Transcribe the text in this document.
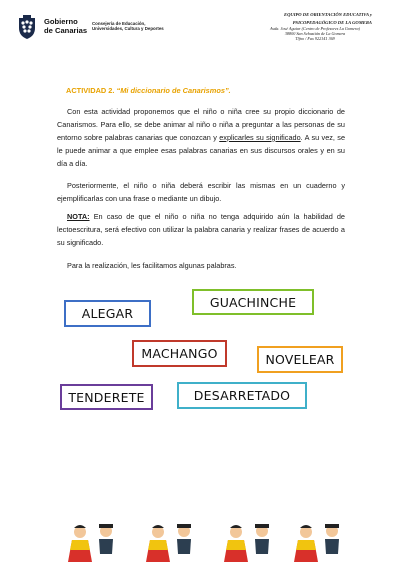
Gobierno
de Canarias
Consejería de Educación,
Universidades, Cultura y Deportes
EQUIPO DE ORIENTACIÓN EDUCATIVA y
PSICOPEDAGÓGICO DE LA GOMERA
Avda. José Aguiar (Centro de Profesores La Gomera)
38800 San Sebastián de La Gomera
Tlfno / Fax 922141 369
ACTIVIDAD 2. “Mi diccionario de Canarismos”.

Con esta actividad proponemos que el niño o niña cree su propio diccionario de Canarismos. Para ello, se debe animar al niño o niña a preguntar a las personas de su entorno sobre palabras canarias que conozcan y explicarles su significado. A su vez, se le puede animar a que emplee esas palabras canarias en sus discursos orales y en su día a día.

Posteriormente, el niño o niña deberá escribir las mismas en un cuaderno y ejemplificarlas con una frase o mediante un dibujo.

NOTA: En caso de que el niño o niña no tenga adquirido aún la habilidad de lectoescritura, será efectivo con utilizar la palabra canaria y realizar frases de acuerdo a su significado.

Para la realización, les facilitamos algunas palabras.

ALEGAR
GUACHINCHE
MACHANGO	NOVELEAR
TENDERETE	DESARRETADO
